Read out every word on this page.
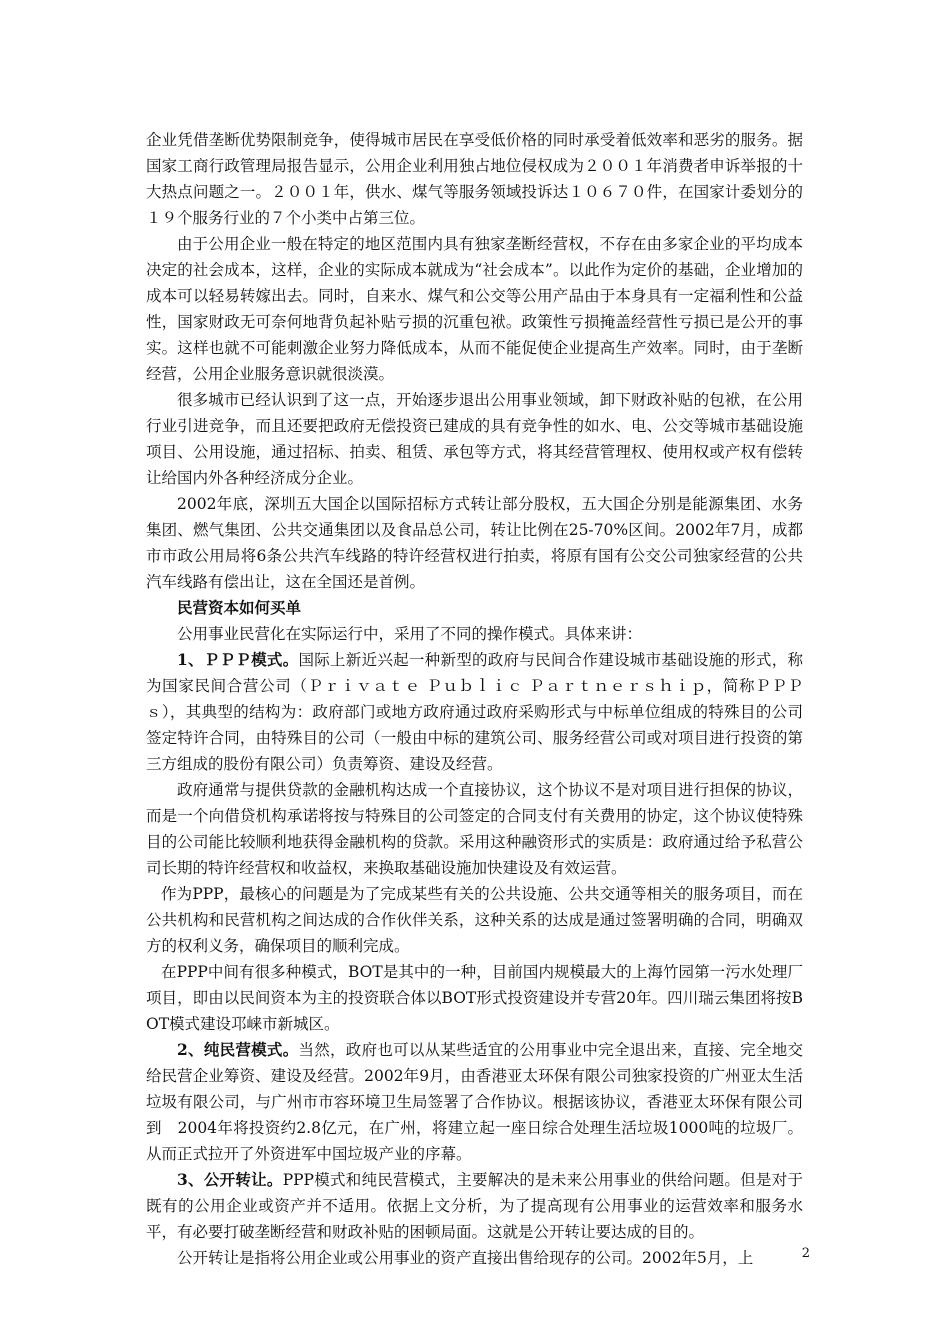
企业凭借垄断优势限制竞争，使得城市居民在享受低价格的同时承受着低效率和恶劣的服务。据国家工商行政管理局报告显示，公用企业利用独占地位侵权成为２００１年消费者申诉举报的十大热点问题之一。２００１年，供水、煤气等服务领域投诉达１０６７０件，在国家计委划分的１９个服务行业的７个小类中占第三位。

由于公用企业一般在特定的地区范围内具有独家垄断经营权，不存在由多家企业的平均成本决定的社会成本，这样，企业的实际成本就成为“社会成本”。以此作为定价的基础，企业增加的成本可以轻易转嫁出去。同时，自来水、煤气和公交等公用产品由于本身具有一定福利性和公益性，国家财政无可奈何地背负起补贴亏损的沉重包袱。政策性亏损掩盖经营性亏损已是公开的事实。这样也就不可能刺激企业努力降低成本，从而不能促使企业提高生产效率。同时，由于垄断经营，公用企业服务意识就很淡漠。

很多城市已经认识到了这一点，开始逐步退出公用事业领域，卸下财政补贴的包袱，在公用行业引进竞争，而且还要把政府无偿投资已建成的具有竞争性的如水、电、公交等城市基础设施项目、公用设施，通过招标、拍卖、租赁、承包等方式，将其经营管理权、使用权或产权有偿转让给国内外各种经济成分企业。

2002年底，深圳五大国企以国际招标方式转让部分股权，五大国企分别是能源集团、水务集团、燃气集团、公共交通集团以及食品总公司，转让比例在25-70%区间。2002年7月，成都市市政公用局将6条公共汽车线路的特许经营权进行拍卖，将原有国有公交公司独家经营的公共汽车线路有偿出让，这在全国还是首例。

民营资本如何买单

公用事业民营化在实际运行中，采用了不同的操作模式。具体来讲：

1、ＰＰＰ模式。国际上新近兴起一种新型的政府与民间合作建设城市基础设施的形式，称为国家民间合营公司（Ｐｒｉｖａｔｅ Ｐｕｂｌｉｃ Ｐａｒｔｎｅｒｓｈｉｐ，简称ＰＰＰｓ），其典型的结构为：政府部门或地方政府通过政府采购形式与中标单位组成的特殊目的公司签定特许合同，由特殊目的公司（一般由中标的建筑公司、服务经营公司或对项目进行投资的第三方组成的股份有限公司）负责筹资、建设及经营。

政府通常与提供贷款的金融机构达成一个直接协议，这个协议不是对项目进行担保的协议，而是一个向借贷机构承诺将按与特殊目的公司签定的合同支付有关费用的协定，这个协议使特殊目的公司能比较顺利地获得金融机构的贷款。采用这种融资形式的实质是：政府通过给予私营公司长期的特许经营权和收益权，来换取基础设施加快建设及有效运营。

作为PPP，最核心的问题是为了完成某些有关的公共设施、公共交通等相关的服务项目，而在公共机构和民营机构之间达成的合作伙伴关系，这种关系的达成是通过签署明确的合同，明确双方的权利义务，确保项目的顺利完成。

在PPP中间有很多种模式，BOT是其中的一种，目前国内规模最大的上海竹园第一污水处理厂项目，即由以民间资本为主的投资联合体以BOT形式投资建设并专营20年。四川瑞云集团将按BOT模式建设邛崃市新城区。

2、纯民营模式。当然，政府也可以从某些适宜的公用事业中完全退出来，直接、完全地交给民营企业筹资、建设及经营。2002年9月，由香港亚太环保有限公司独家投资的广州亚太生活垃圾有限公司，与广州市市容环境卫生局签署了合作协议。根据该协议，香港亚太环保有限公司到　2004年将投资约2.8亿元，在广州，将建立起一座日综合处理生活垃圾1000吨的垃圾厂。从而正式拉开了外资进军中国垃圾产业的序幕。

3、公开转让。PPP模式和纯民营模式，主要解决的是未来公用事业的供给问题。但是对于既有的公用企业或资产并不适用。依据上文分析，为了提高现有公用事业的运营效率和服务水平，有必要打破垄断经营和财政补贴的困顿局面。这就是公开转让要达成的目的。

公开转让是指将公用企业或公用事业的资产直接出售给现存的公司。2002年5月，上	2
